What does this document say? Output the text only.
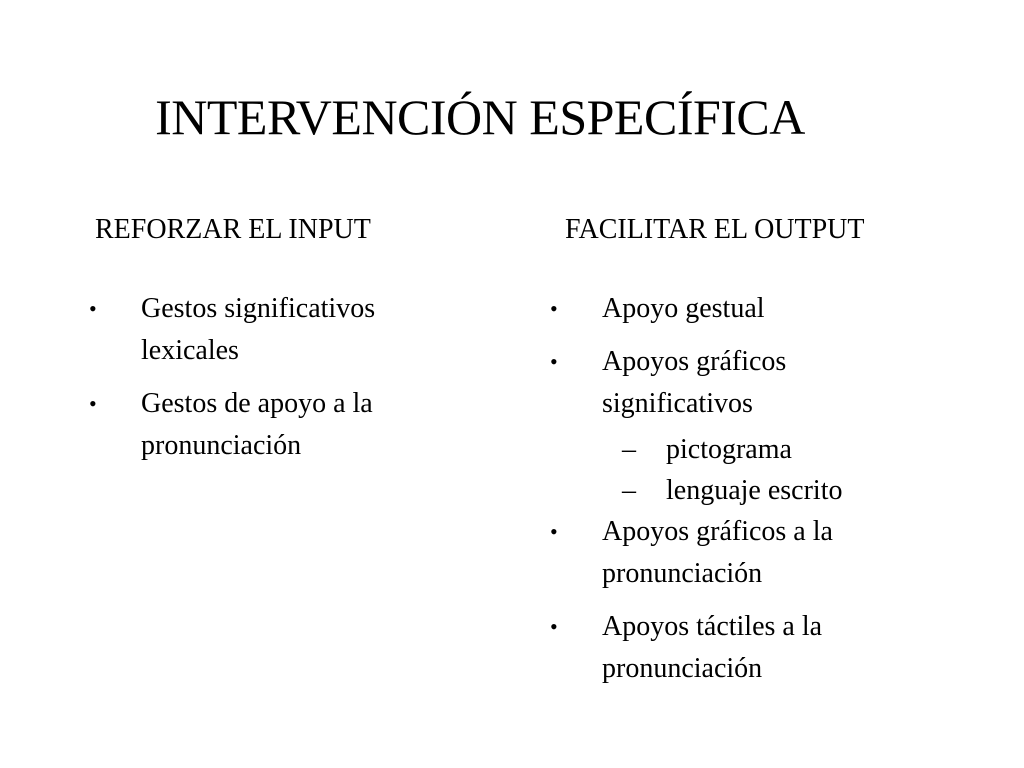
INTERVENCIÓN ESPECÍFICA
REFORZAR EL INPUT	FACILITAR EL OUTPUT
• Gestos significativos lexicales
• Gestos de apoyo a la pronunciación
• Apoyo gestual
• Apoyos gráficos significativos
– pictograma
– lenguaje escrito
• Apoyos gráficos a la pronunciación
• Apoyos táctiles a la pronunciación
